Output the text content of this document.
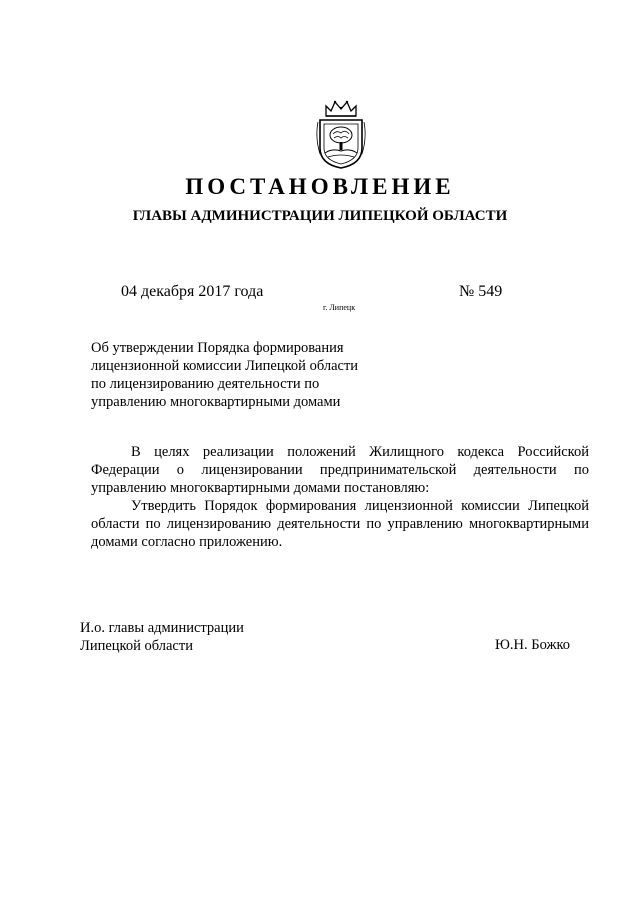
ПОСТАНОВЛЕНИЕ
ГЛАВЫ АДМИНИСТРАЦИИ ЛИПЕЦКОЙ ОБЛАСТИ
04 декабря 2017 года
г. Липецк
№ 549
Об утверждении Порядка формирования
лицензионной комиссии Липецкой области
по лицензированию деятельности по
управлению многоквартирными домами

В целях реализации положений Жилищного кодекса Российской Федерации о лицензировании предпринимательской деятельности по управлению многоквартирными домами постановляю:

Утвердить Порядок формирования лицензионной комиссии Липецкой области по лицензированию деятельности по управлению многоквартирными домами согласно приложению.

И.о. главы администрации
Липецкой области	Ю.Н. Божко
